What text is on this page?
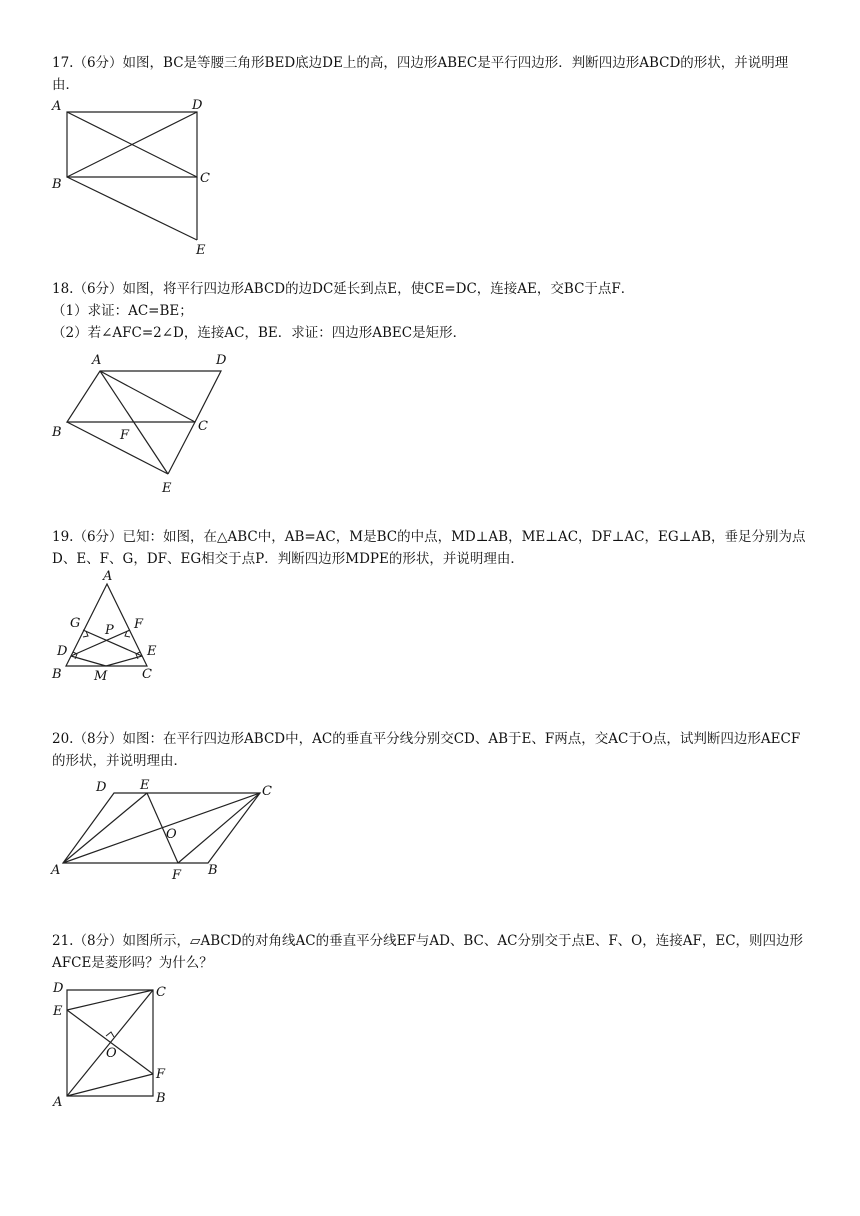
17.（6分）如图，BC是等腰三角形BED底边DE上的高，四边形ABEC是平行四边形．判断四边形ABCD的形状，并说明理由．

A	D
B	C
E

18.（6分）如图，将平行四边形ABCD的边DC延长到点E，使CE=DC，连接AE，交BC于点F．

（1）求证：AC=BE；

（2）若∠AFC=2∠D，连接AC，BE．求证：四边形ABEC是矩形．

A	D
B	C
F
E

19.（6分）已知：如图，在△ABC中，AB=AC，M是BC的中点，MD⊥AB，ME⊥AC，DF⊥AC，EG⊥AB，垂足分别为点D、E、F、G，DF、EG相交于点P．判断四边形MDPE的形状，并说明理由．

A
G	F
P
D	E
B M	C

20.（8分）如图：在平行四边形ABCD中，AC的垂直平分线分别交CD、AB于E、F两点，交AC于O点，试判断四边形AECF的形状，并说明理由．

D	E	C
O
A	F B

21.（8分）如图所示，▱ABCD的对角线AC的垂直平分线EF与AD、BC、AC分别交于点E、F、O，连接AF，EC，则四边形AFCE是菱形吗？为什么？

D	C
E
O
F
A	B
